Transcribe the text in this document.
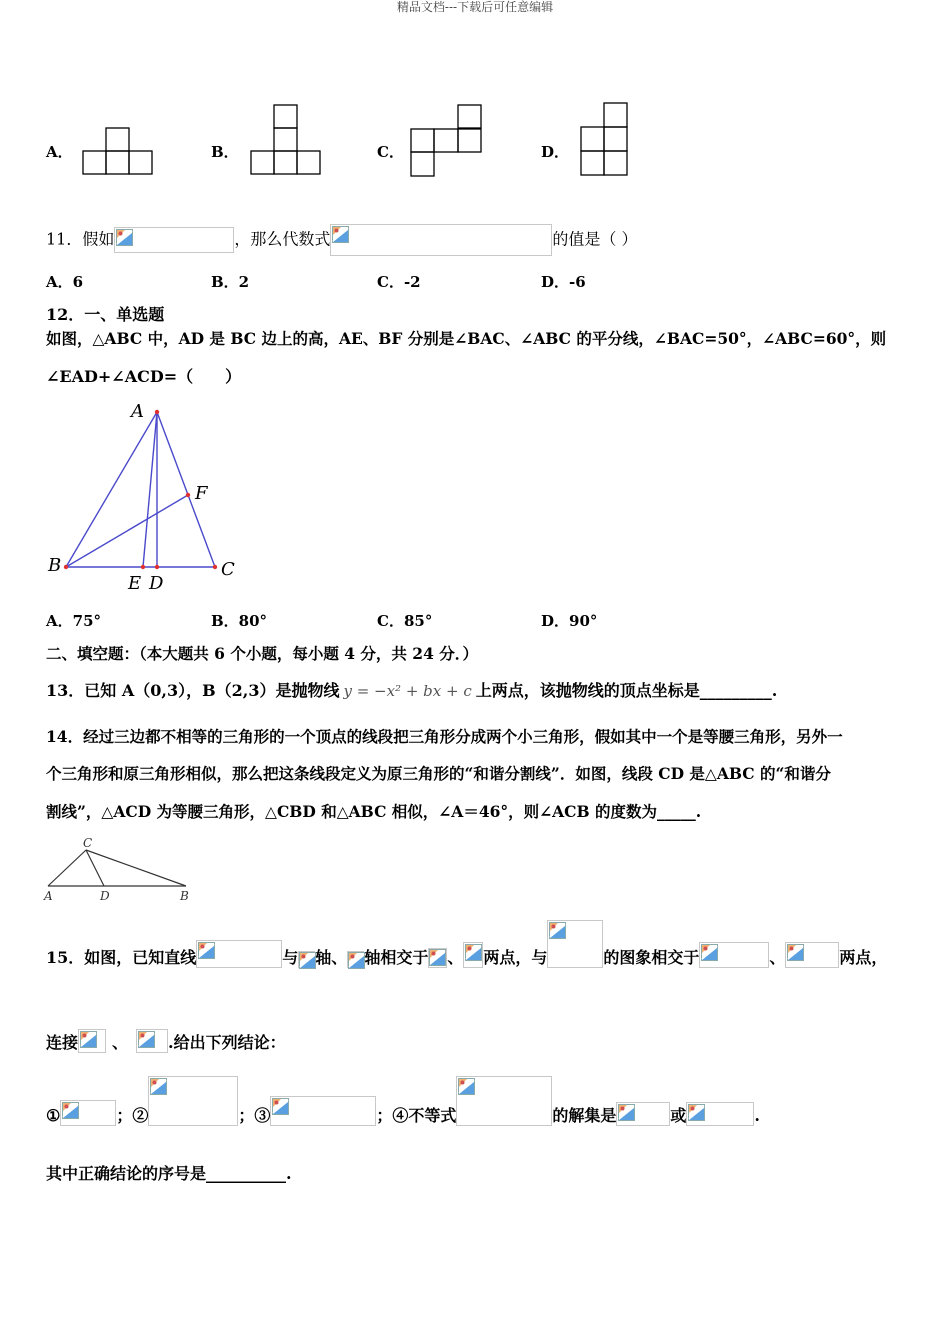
精品文档---下载后可任意编辑
A．	B．	C．	D．
11．假如	，那么代数式	的值是（ ）
A．6	B．2	C．-2	D．-6
12．一、单选题
如图，△ABC 中，AD 是 BC 边上的高，AE、BF 分别是∠BAC、∠ABC 的平分线，∠BAC=50°，∠ABC=60°，则
∠EAD+∠ACD=（　　）
A
B	C
E D
F
A．75°	B．80°	C．85°	D．90°
二、填空题：（本大题共 6 个小题，每小题 4 分，共 24 分．）
13．已知 A（0,3），B（2,3）是抛物线 y = −x² + bx + c 上两点，该抛物线的顶点坐标是_________.
14．经过三边都不相等的三角形的一个顶点的线段把三角形分成两个小三角形，假如其中一个是等腰三角形，另外一
个三角形和原三角形相似，那么把这条线段定义为原三角形的“和谐分割线”．如图，线段 CD 是△ABC 的“和谐分
割线”，△ACD 为等腰三角形，△CBD 和△ABC 相似，∠A＝46°，则∠ACB 的度数为_____.
C
A	D	B
15．如图，已知直线	与 轴、 轴相交于 、 两点，与	的图象相交于	、	两点，
连接 、	.给出下列结论：
①	；②	；③	；④不等式	的解集是	或	.
其中正确结论的序号是__________.
